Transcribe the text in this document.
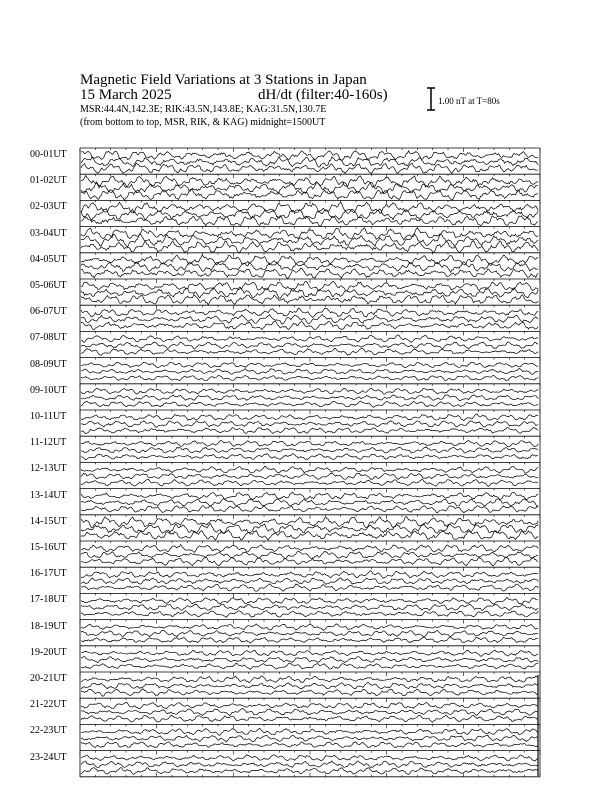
Magnetic Field Variations at 3 Stations in Japan
15 March 2025	dH/dt (filter:40-160s)
MSR:44.4N,142.3E; RIK:43.5N,143.8E; KAG:31.5N,130.7E
(from bottom to top, MSR, RIK, & KAG) midnight=1500UT
1.00 nT at T=80s
00-01UT
01-02UT
02-03UT
03-04UT
04-05UT
05-06UT
06-07UT
07-08UT
08-09UT
09-10UT
10-11UT
11-12UT
12-13UT
13-14UT
14-15UT
15-16UT
16-17UT
17-18UT
18-19UT
19-20UT
20-21UT
21-22UT
22-23UT
23-24UT
